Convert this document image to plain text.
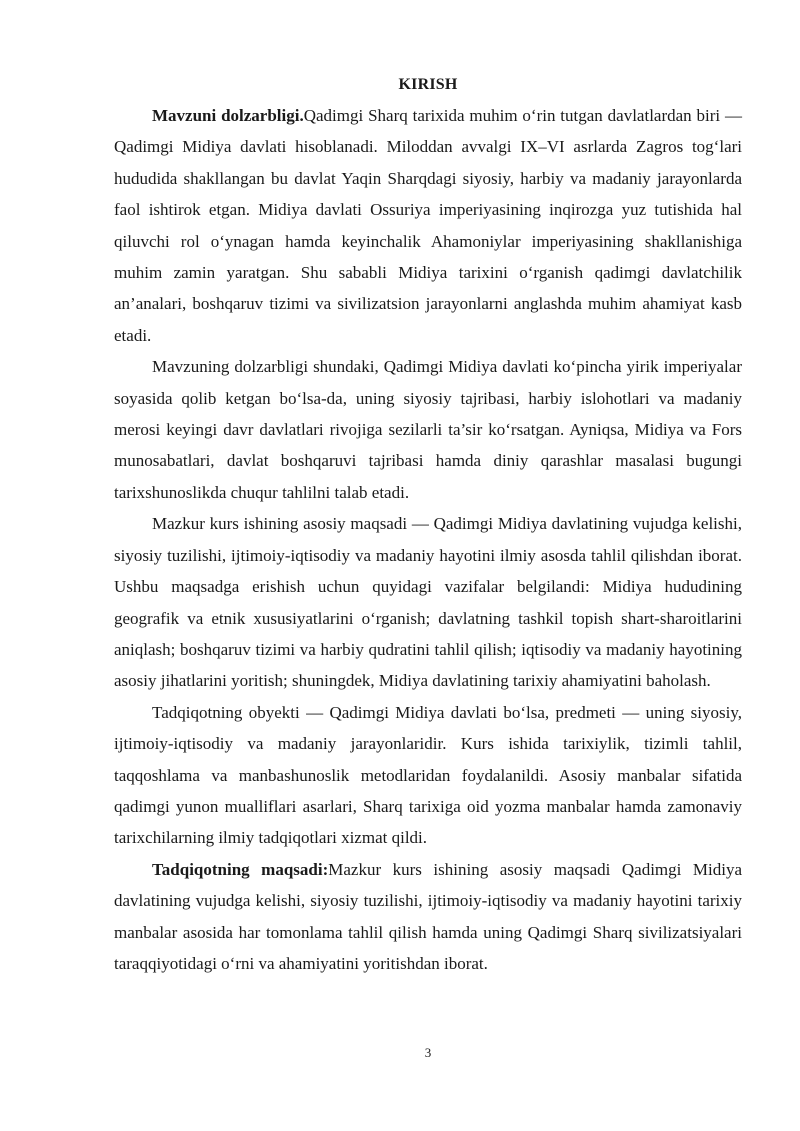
KIRISH

Mavzuni dolzarbligi.Qadimgi Sharq tarixida muhim o‘rin tutgan davlatlardan biri — Qadimgi Midiya davlati hisoblanadi. Miloddan avvalgi IX–VI asrlarda Zagros tog‘lari hududida shakllangan bu davlat Yaqin Sharqdagi siyosiy, harbiy va madaniy jarayonlarda faol ishtirok etgan. Midiya davlati Ossuriya imperiyasining inqirozga yuz tutishida hal qiluvchi rol o‘ynagan hamda keyinchalik Ahamoniylar imperiyasining shakllanishiga muhim zamin yaratgan. Shu sababli Midiya tarixini o‘rganish qadimgi davlatchilik an’analari, boshqaruv tizimi va sivilizatsion jarayonlarni anglashda muhim ahamiyat kasb etadi.

Mavzuning dolzarbligi shundaki, Qadimgi Midiya davlati ko‘pincha yirik imperiyalar soyasida qolib ketgan bo‘lsa-da, uning siyosiy tajribasi, harbiy islohotlari va madaniy merosi keyingi davr davlatlari rivojiga sezilarli ta’sir ko‘rsatgan. Ayniqsa, Midiya va Fors munosabatlari, davlat boshqaruvi tajribasi hamda diniy qarashlar masalasi bugungi tarixshunoslikda chuqur tahlilni talab etadi.

Mazkur kurs ishining asosiy maqsadi — Qadimgi Midiya davlatining vujudga kelishi, siyosiy tuzilishi, ijtimoiy-iqtisodiy va madaniy hayotini ilmiy asosda tahlil qilishdan iborat. Ushbu maqsadga erishish uchun quyidagi vazifalar belgilandi: Midiya hududining geografik va etnik xususiyatlarini o‘rganish; davlatning tashkil topish shart-sharoitlarini aniqlash; boshqaruv tizimi va harbiy qudratini tahlil qilish; iqtisodiy va madaniy hayotining asosiy jihatlarini yoritish; shuningdek, Midiya davlatining tarixiy ahamiyatini baholash.

Tadqiqotning obyekti — Qadimgi Midiya davlati bo‘lsa, predmeti — uning siyosiy, ijtimoiy-iqtisodiy va madaniy jarayonlaridir. Kurs ishida tarixiylik, tizimli tahlil, taqqoshlama va manbashunoslik metodlaridan foydalanildi. Asosiy manbalar sifatida qadimgi yunon mualliflari asarlari, Sharq tarixiga oid yozma manbalar hamda zamonaviy tarixchilarning ilmiy tadqiqotlari xizmat qildi.

Tadqiqotning maqsadi:Mazkur kurs ishining asosiy maqsadi Qadimgi Midiya davlatining vujudga kelishi, siyosiy tuzilishi, ijtimoiy-iqtisodiy va madaniy hayotini tarixiy manbalar asosida har tomonlama tahlil qilish hamda uning Qadimgi Sharq sivilizatsiyalari taraqqiyotidagi o‘rni va ahamiyatini yoritishdan iborat.

3
